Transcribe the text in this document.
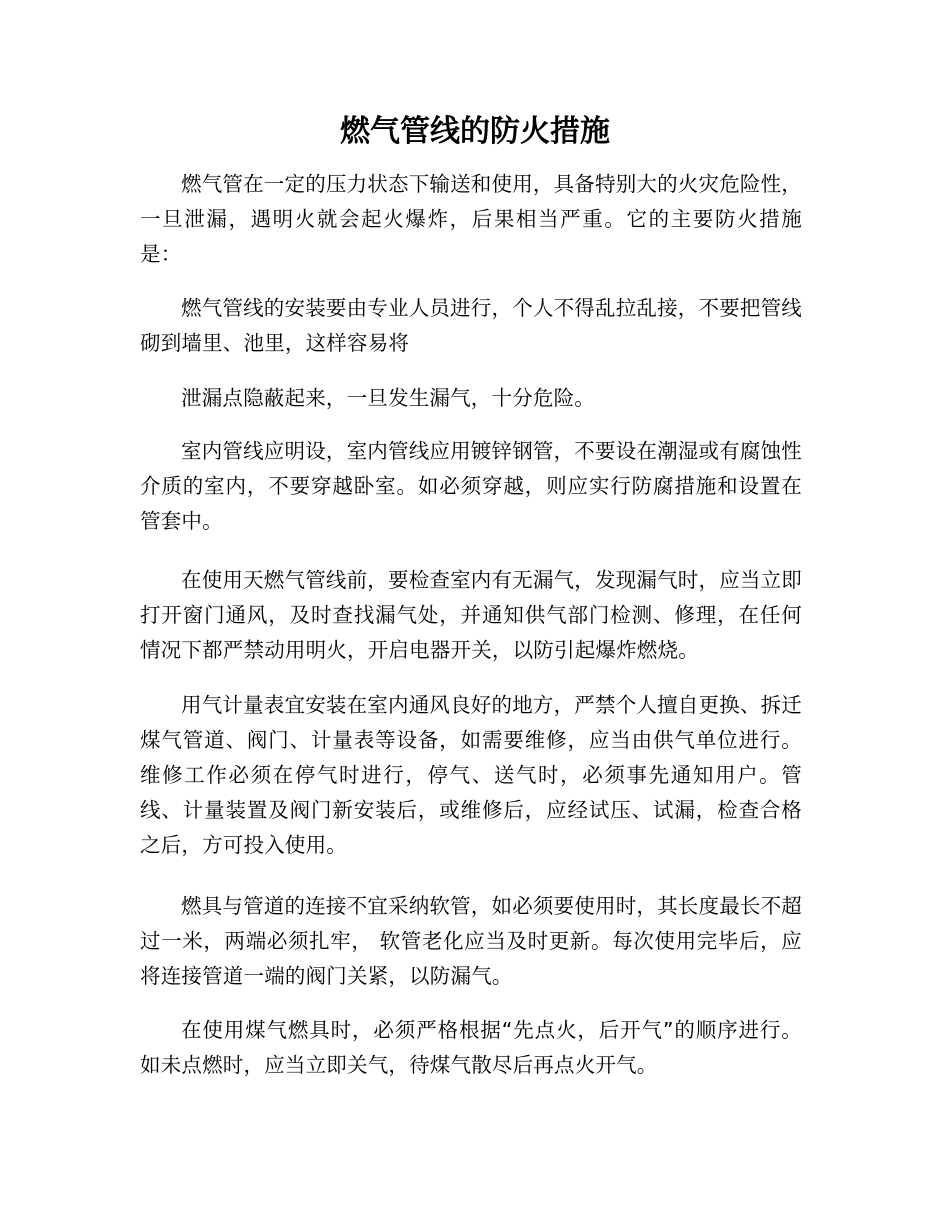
燃气管线的防火措施

燃气管在一定的压力状态下输送和使用，具备特别大的火灾危险性，一旦泄漏，遇明火就会起火爆炸，后果相当严重。它的主要防火措施是：

燃气管线的安装要由专业人员进行，个人不得乱拉乱接，不要把管线砌到墙里、池里，这样容易将

泄漏点隐蔽起来，一旦发生漏气，十分危险。

室内管线应明设，室内管线应用镀锌钢管，不要设在潮湿或有腐蚀性介质的室内，不要穿越卧室。如必须穿越，则应实行防腐措施和设置在管套中。

在使用天燃气管线前，要检查室内有无漏气，发现漏气时，应当立即打开窗门通风，及时查找漏气处，并通知供气部门检测、修理，在任何情况下都严禁动用明火，开启电器开关，以防引起爆炸燃烧。

用气计量表宜安装在室内通风良好的地方，严禁个人擅自更换、拆迁煤气管道、阀门、计量表等设备，如需要维修，应当由供气单位进行。维修工作必须在停气时进行，停气、送气时，必须事先通知用户。管线、计量装置及阀门新安装后，或维修后，应经试压、试漏，检查合格之后，方可投入使用。

燃具与管道的连接不宜采纳软管，如必须要使用时，其长度最长不超过一米，两端必须扎牢， 软管老化应当及时更新。每次使用完毕后，应将连接管道一端的阀门关紧，以防漏气。

在使用煤气燃具时，必须严格根据“先点火，后开气”的顺序进行。如未点燃时，应当立即关气，待煤气散尽后再点火开气。
